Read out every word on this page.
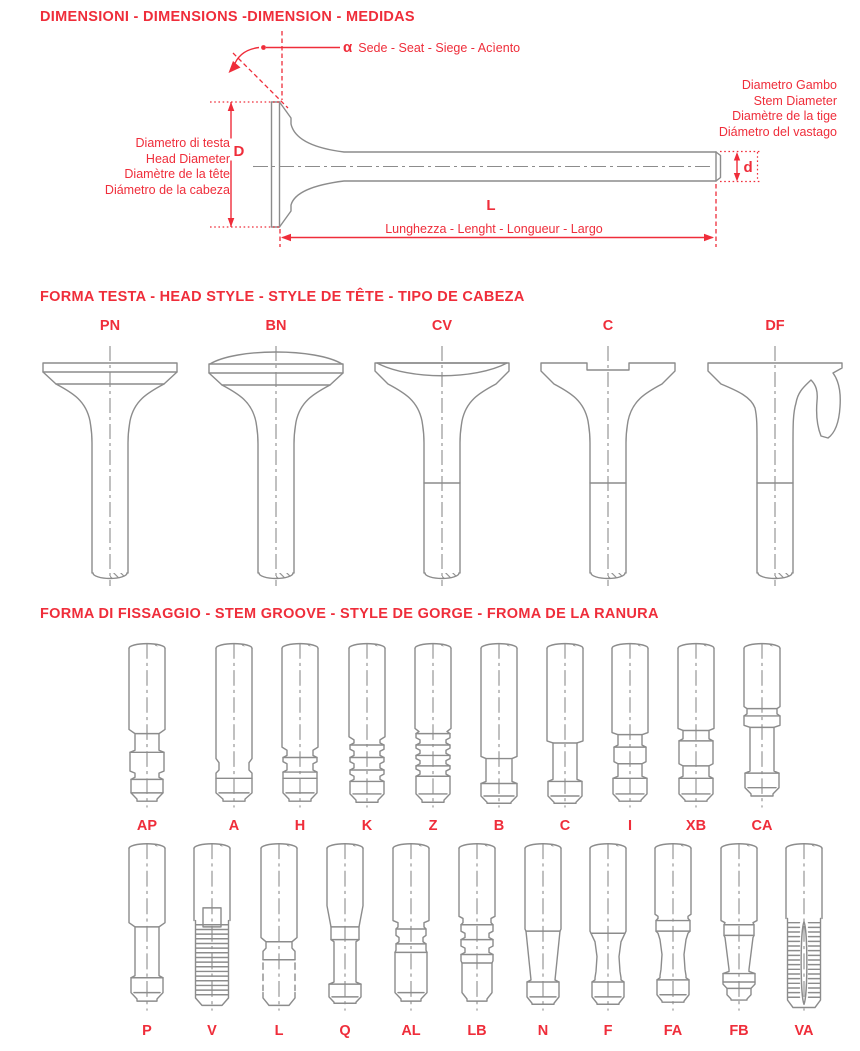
DIMENSIONI - DIMENSIONS -DIMENSION - MEDIDAS
D
L
Lunghezza - Lenght - Longueur - Largo
d
α Sede - Seat - Siege - Acìento
Diametro di testa
Head Diameter
Diamètre de la tête
Diámetro de la cabeza
Diametro Gambo
Stem Diameter
Diamètre de la tige
Diámetro del vastago
FORMA TESTA - HEAD STYLE - STYLE DE TÊTE - TIPO DE CABEZA
PN	BN	CV	C	DF
FORMA DI FISSAGGIO - STEM GROOVE - STYLE DE GORGE - FROMA DE LA RANURA
AP	A	H	K	Z	B	C	I	XB	CA
P	V	L	Q	AL	LB	N	F	FA	FB	VA
